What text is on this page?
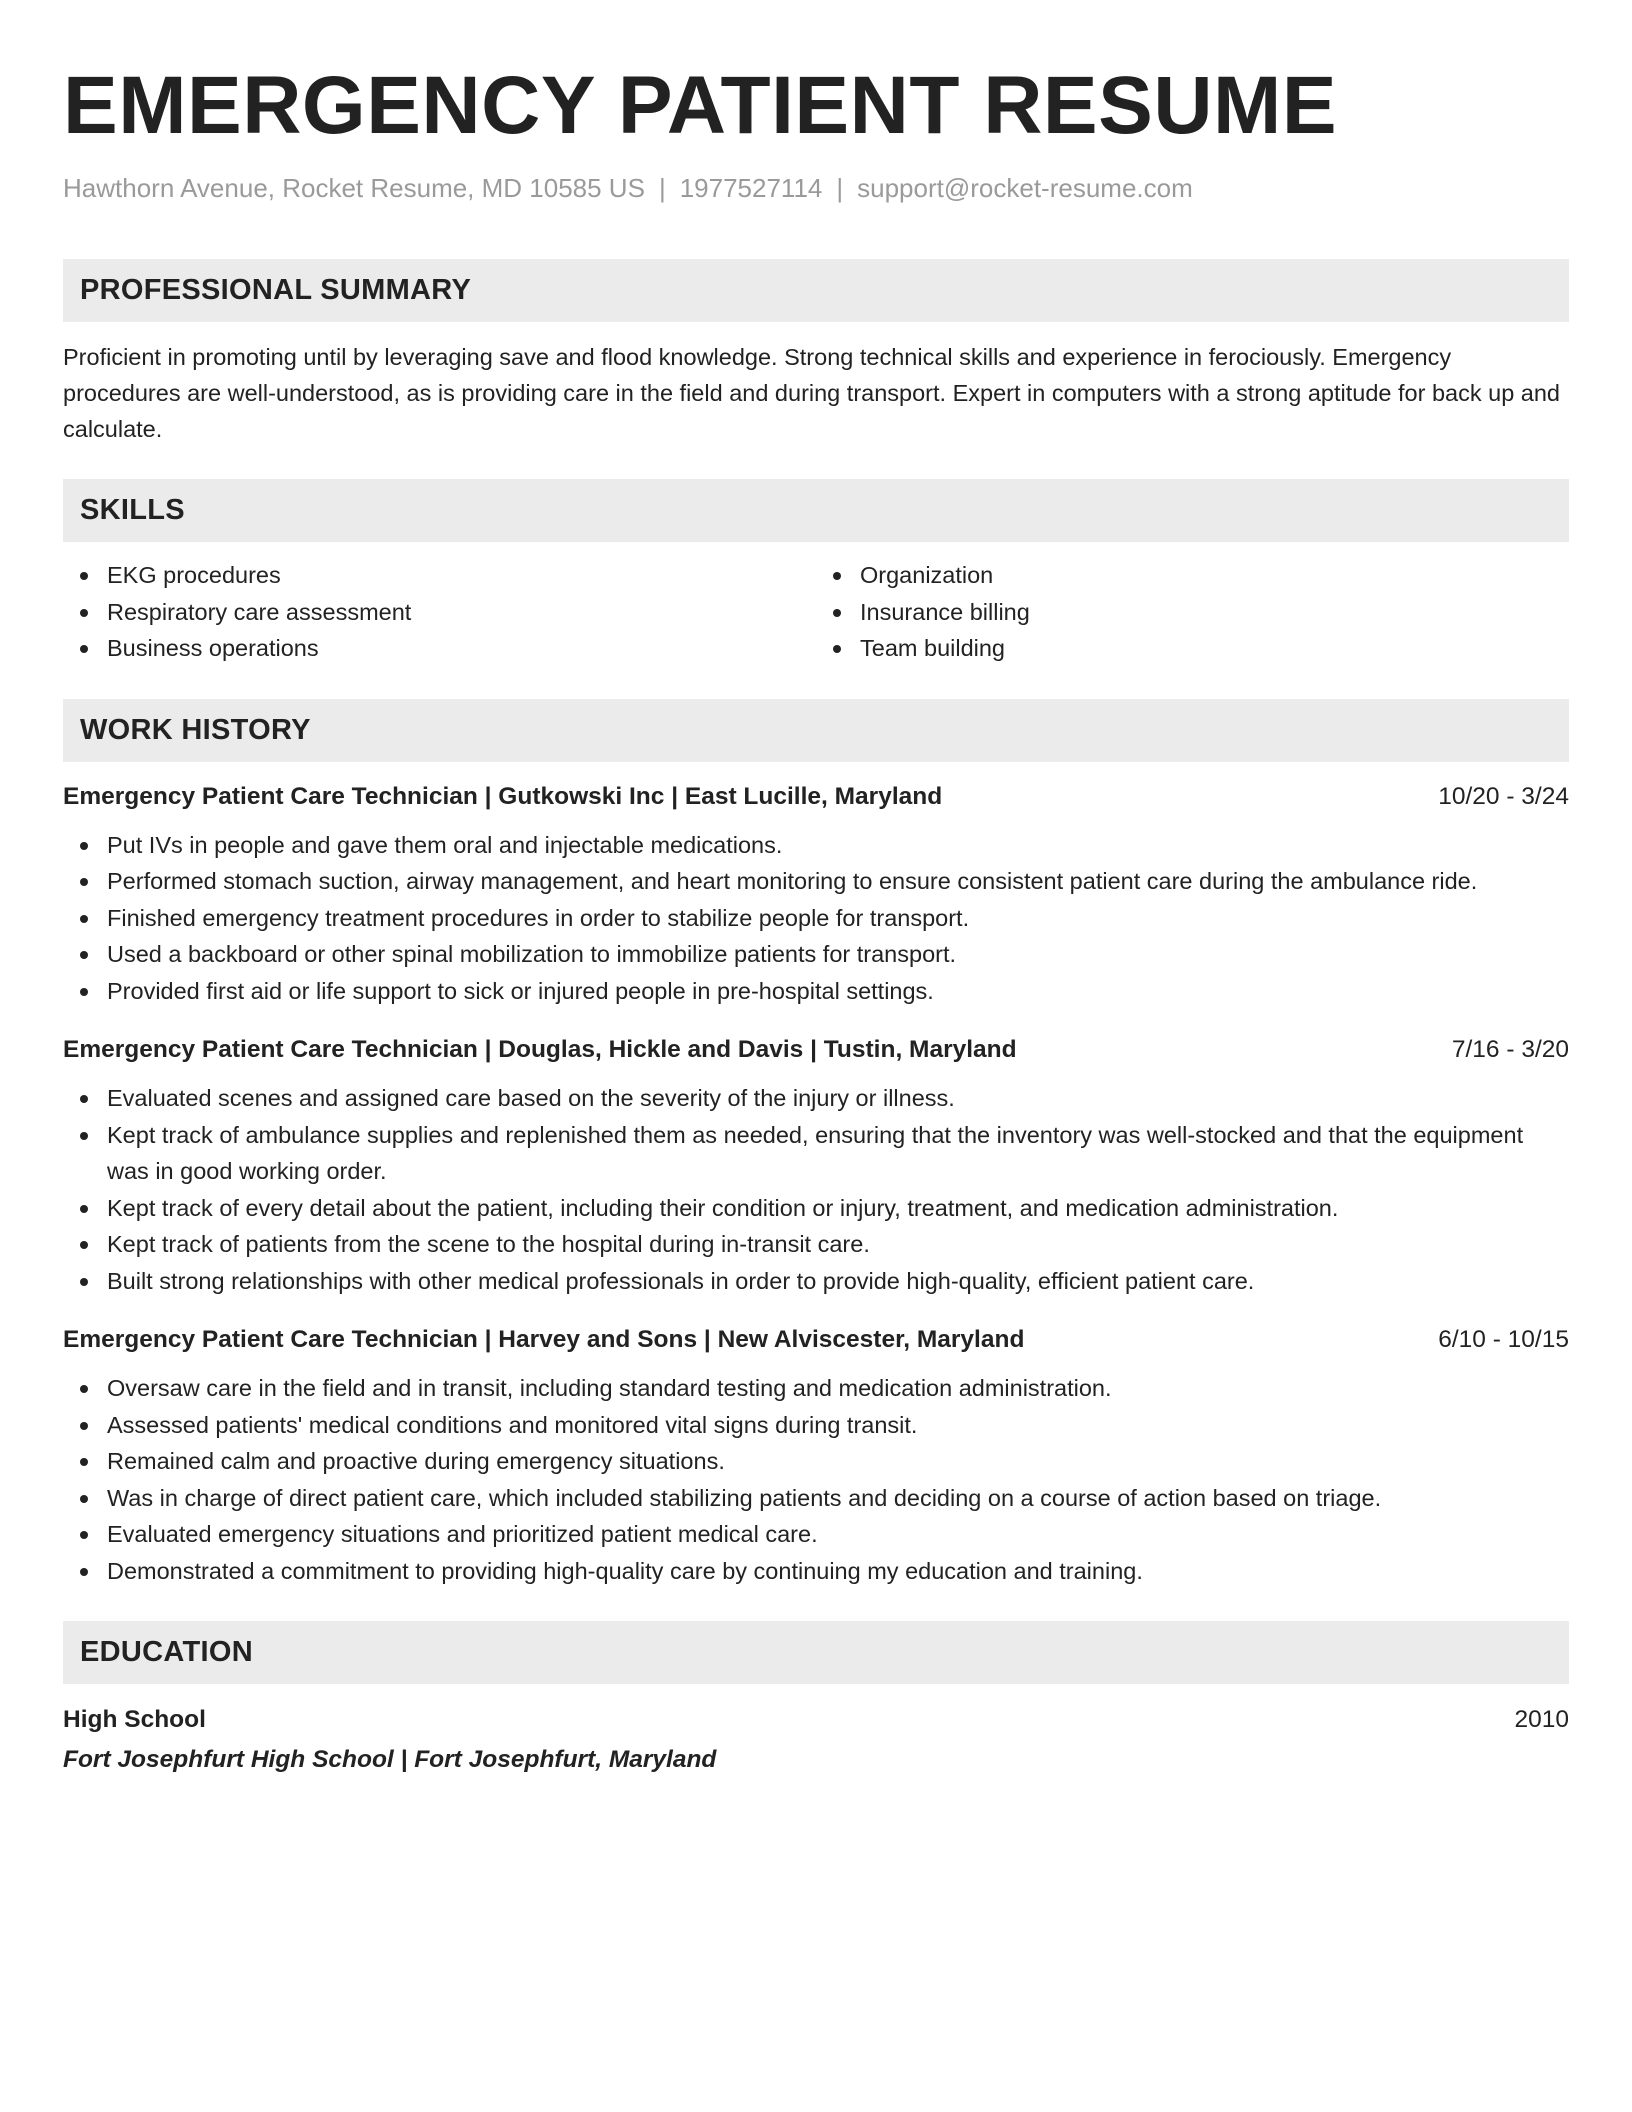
EMERGENCY PATIENT RESUME
Hawthorn Avenue, Rocket Resume, MD 10585 US | 1977527114 | support@rocket-resume.com
PROFESSIONAL SUMMARY
Proficient in promoting until by leveraging save and flood knowledge. Strong technical skills and experience in ferociously. Emergency procedures are well-understood, as is providing care in the field and during transport. Expert in computers with a strong aptitude for back up and calculate.
SKILLS
EKG procedures
Respiratory care assessment
Business operations
Organization
Insurance billing
Team building
WORK HISTORY
Emergency Patient Care Technician | Gutkowski Inc | East Lucille, Maryland	10/20 - 3/24
Put IVs in people and gave them oral and injectable medications.
Performed stomach suction, airway management, and heart monitoring to ensure consistent patient care during the ambulance ride.
Finished emergency treatment procedures in order to stabilize people for transport.
Used a backboard or other spinal mobilization to immobilize patients for transport.
Provided first aid or life support to sick or injured people in pre-hospital settings.
Emergency Patient Care Technician | Douglas, Hickle and Davis | Tustin, Maryland	7/16 - 3/20
Evaluated scenes and assigned care based on the severity of the injury or illness.
Kept track of ambulance supplies and replenished them as needed, ensuring that the inventory was well-stocked and that the equipment was in good working order.
Kept track of every detail about the patient, including their condition or injury, treatment, and medication administration.
Kept track of patients from the scene to the hospital during in-transit care.
Built strong relationships with other medical professionals in order to provide high-quality, efficient patient care.
Emergency Patient Care Technician | Harvey and Sons | New Alviscester, Maryland	6/10 - 10/15
Oversaw care in the field and in transit, including standard testing and medication administration.
Assessed patients' medical conditions and monitored vital signs during transit.
Remained calm and proactive during emergency situations.
Was in charge of direct patient care, which included stabilizing patients and deciding on a course of action based on triage.
Evaluated emergency situations and prioritized patient medical care.
Demonstrated a commitment to providing high-quality care by continuing my education and training.
EDUCATION
High School	2010
Fort Josephfurt High School | Fort Josephfurt, Maryland
